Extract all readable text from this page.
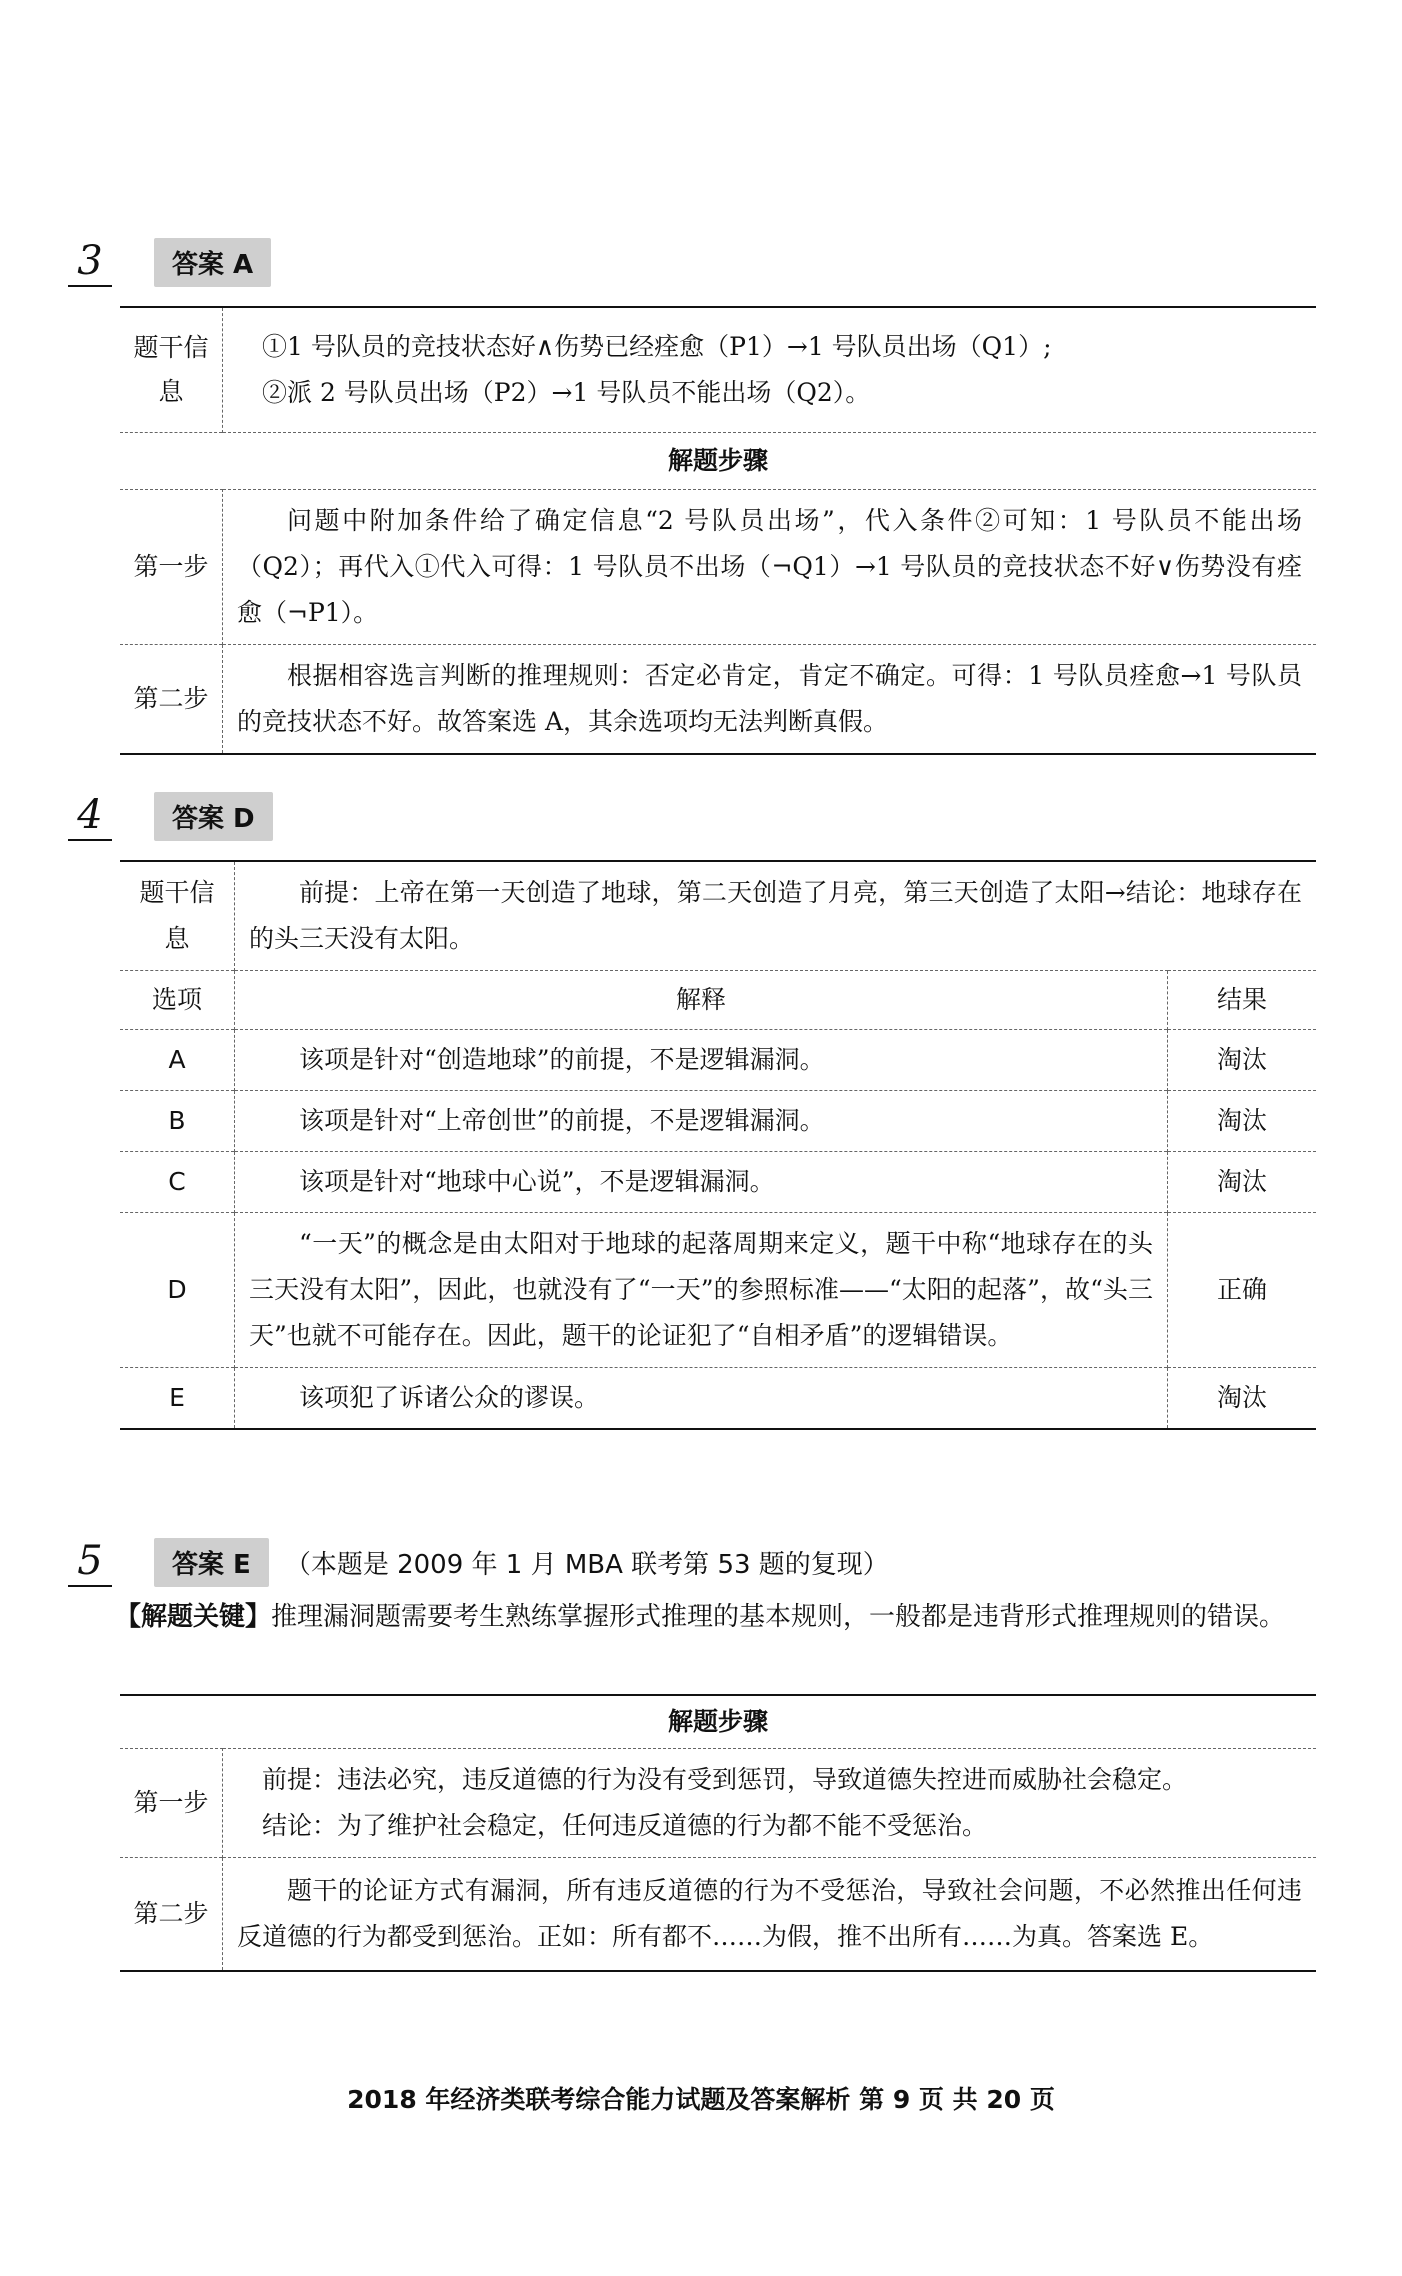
3	答案 A
题干信息	①1 号队员的竞技状态好∧伤势已经痊愈（P1）→1 号队员出场（Q1）;
②派 2 号队员出场（P2）→1 号队员不能出场（Q2）。

解题步骤	
第一步	问题中附加条件给了确定信息“2 号队员出场”，代入条件②可知：1 号队员不能出场（Q2）；再代入①代入可得：1 号队员不出场（¬Q1）→1 号队员的竞技状态不好∨伤势没有痊愈（¬P1）。
第二步	根据相容选言判断的推理规则：否定必肯定，肯定不确定。可得：1 号队员痊愈→1 号队员的竞技状态不好。故答案选 A，其余选项均无法判断真假。
4	答案 D
题干信息	前提：上帝在第一天创造了地球，第二天创造了月亮，第三天创造了太阳→结论：地球存在的头三天没有太阳。	
选项	解释	结果
A	该项是针对“创造地球”的前提，不是逻辑漏洞。	淘汰
B	该项是针对“上帝创世”的前提，不是逻辑漏洞。	淘汰
C	该项是针对“地球中心说”，不是逻辑漏洞。	淘汰
D	“一天”的概念是由太阳对于地球的起落周期来定义，题干中称“地球存在的头三天没有太阳”，因此，也就没有了“一天”的参照标准——“太阳的起落”，故“头三天”也就不可能存在。因此，题干的论证犯了“自相矛盾”的逻辑错误。	正确
E	该项犯了诉诸公众的谬误。	淘汰
5	答案 E	（本题是 2009 年 1 月 MBA 联考第 53 题的复现）
【解题关键】推理漏洞题需要考生熟练掌握形式推理的基本规则，一般都是违背形式推理规则的错误。
解题步骤	
第一步	前提：违法必究，违反道德的行为没有受到惩罚，导致道德失控进而威胁社会稳定。
结论：为了维护社会稳定，任何违反道德的行为都不能不受惩治。

第二步	题干的论证方式有漏洞，所有违反道德的行为不受惩治，导致社会问题，不必然推出任何违反道德的行为都受到惩治。正如：所有都不……为假，推不出所有……为真。答案选 E。
2018 年经济类联考综合能力试题及答案解析 第 9 页 共 20 页
